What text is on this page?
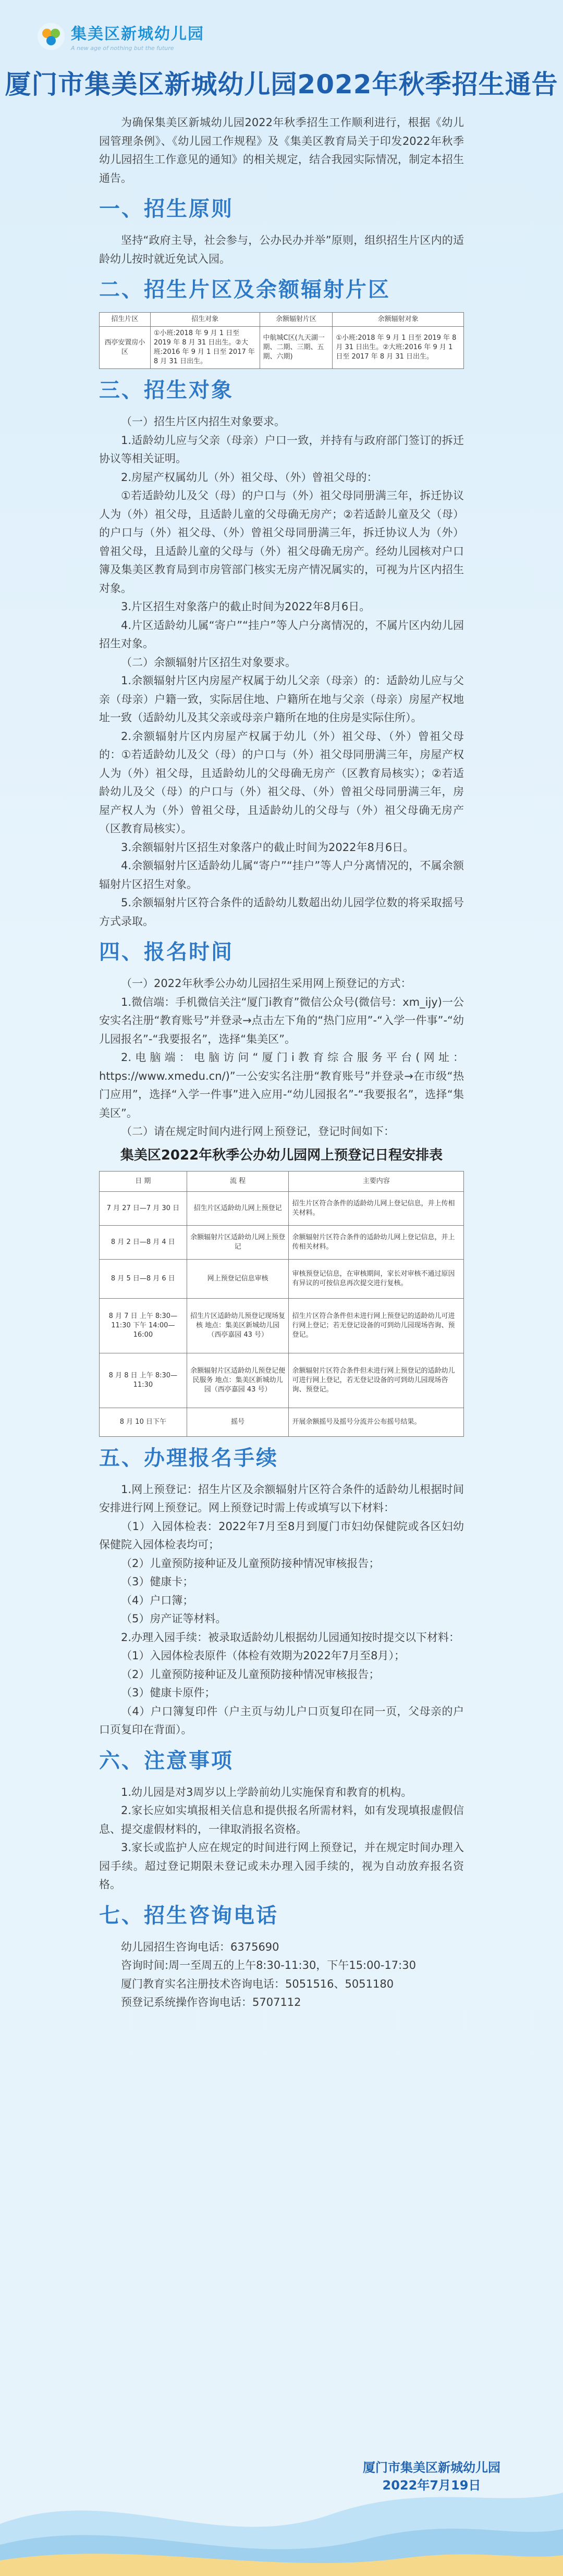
集美区新城幼儿园
A new age of nothing but the future
厦门市集美区新城幼儿园2022年秋季招生通告

为确保集美区新城幼儿园2022年秋季招生工作顺利进行，根据《幼儿园管理条例》、《幼儿园工作规程》及《集美区教育局关于印发2022年秋季幼儿园招生工作意见的通知》的相关规定，结合我园实际情况，制定本招生通告。

一、招生原则

坚持“政府主导，社会参与，公办民办并举”原则，组织招生片区内的适龄幼儿按时就近免试入园。

二、招生片区及余额辐射片区
招生片区	招生对象	余额辐射片区	余额辐射对象
西亭安置房小区	①小班:2018 年 9 月 1 日至 2019 年 8 月 31 日出生。②大班:2016 年 9 月 1 日至 2017 年 8 月 31 日出生。	中航城C区(九天湖一期、二期、三期、五期、六期)	①小班:2018 年 9 月 1 日至 2019 年 8 月 31 日出生。②大班:2016 年 9 月 1 日至 2017 年 8 月 31 日出生。
三、招生对象

（一）招生片区内招生对象要求。

1.适龄幼儿应与父亲（母亲）户口一致，并持有与政府部门签订的拆迁协议等相关证明。

2.房屋产权属幼儿（外）祖父母、（外）曾祖父母的：

①若适龄幼儿及父（母）的户口与（外）祖父母同册满三年，拆迁协议人为（外）祖父母，且适龄儿童的父母确无房产；②若适龄儿童及父（母）的户口与（外）祖父母、（外）曾祖父母同册满三年，拆迁协议人为（外）曾祖父母，且适龄儿童的父母与（外）祖父母确无房产。经幼儿园核对户口簿及集美区教育局到市房管部门核实无房产情况属实的，可视为片区内招生对象。

3.片区招生对象落户的截止时间为2022年8月6日。

4.片区适龄幼儿属“寄户”“挂户”等人户分离情况的，不属片区内幼儿园招生对象。

（二）余额辐射片区招生对象要求。

1.余额辐射片区内房屋产权属于幼儿父亲（母亲）的：适龄幼儿应与父亲（母亲）户籍一致，实际居住地、户籍所在地与父亲（母亲）房屋产权地址一致（适龄幼儿及其父亲或母亲户籍所在地的住房是实际住所）。

2.余额辐射片区内房屋产权属于幼儿（外）祖父母、（外）曾祖父母的：①若适龄幼儿及父（母）的户口与（外）祖父母同册满三年，房屋产权人为（外）祖父母，且适龄幼儿的父母确无房产（区教育局核实）；②若适龄幼儿及父（母）的户口与（外）祖父母、（外）曾祖父母同册满三年，房屋产权人为（外）曾祖父母，且适龄幼儿的父母与（外）祖父母确无房产（区教育局核实）。

3.余额辐射片区招生对象落户的截止时间为2022年8月6日。

4.余额辐射片区适龄幼儿属“寄户”“挂户”等人户分离情况的，不属余额辐射片区招生对象。

5.余额辐射片区符合条件的适龄幼儿数超出幼儿园学位数的将采取摇号方式录取。

四、报名时间

（一）2022年秋季公办幼儿园招生采用网上预登记的方式：

1.微信端：手机微信关注“厦门i教育”微信公众号(微信号：xm_ijy)一公安实名注册“教育账号”并登录→点击左下角的“热门应用”-“入学一件事”-“幼儿园报名”-“我要报名”，选择“集美区”。

2.电脑端：电脑访问“厦门i教育综合服务平台(网址：https://www.xmedu.cn/)”一公安实名注册“教育账号”并登录→在市级“热门应用”，选择“入学一件事”进入应用-“幼儿园报名”-“我要报名”，选择“集美区”。

（二）请在规定时间内进行网上预登记，登记时间如下：

集美区2022年秋季公办幼儿园网上预登记日程安排表
日 期	流 程	主要内容
7 月 27 日—7 月 30 日	招生片区适龄幼儿网上预登记	招生片区符合条件的适龄幼儿网上登记信息，并上传相关材料。
8 月 2 日—8 月 4 日	余额辐射片区适龄幼儿网上预登记	余额辐射片区符合条件的适龄幼儿网上登记信息，并上传相关材料。
8 月 5 日—8 月 6 日	网上预登记信息审核	审核预登记信息，在审核期间，家长对审核不通过原因有异议的可按信息再次提交进行复核。
8 月 7 日 上午 8:30—11:30 下午 14:00—16:00	招生片区适龄幼儿预登记现场复核 地点：集美区新城幼儿园（西亭嘉园 43 号）	招生片区符合条件但未进行网上预登记的适龄幼儿可进行网上登记；若无登记设备的可到幼儿园现场咨询、预登记。
8 月 8 日 上午 8:30—11:30	余额辐射片区适龄幼儿预登记便民服务 地点：集美区新城幼儿园（西亭嘉园 43 号）	余额辐射片区符合条件但未进行网上预登记的适龄幼儿可进行网上登记，若无登记设备的可到幼儿园现场咨询、预登记。
8 月 10 日下午	摇号	开展余额摇号及摇号分流并公布摇号结果。
五、办理报名手续

1.网上预登记：招生片区及余额辐射片区符合条件的适龄幼儿根据时间安排进行网上预登记。网上预登记时需上传或填写以下材料：

（1）入园体检表：2022年7月至8月到厦门市妇幼保健院或各区妇幼保健院入园体检表均可；

（2）儿童预防接种证及儿童预防接种情况审核报告；

（3）健康卡；

（4）户口簿；

（5）房产证等材料。

2.办理入园手续：被录取适龄幼儿根据幼儿园通知按时提交以下材料：

（1）入园体检表原件（体检有效期为2022年7月至8月）；

（2）儿童预防接种证及儿童预防接种情况审核报告；

（3）健康卡原件；

（4）户口簿复印件（户主页与幼儿户口页复印在同一页，父母亲的户口页复印在背面）。

六、注意事项

1.幼儿园是对3周岁以上学龄前幼儿实施保育和教育的机构。

2.家长应如实填报相关信息和提供报名所需材料，如有发现填报虚假信息、提交虚假材料的，一律取消报名资格。

3.家长或监护人应在规定的时间进行网上预登记，并在规定时间办理入园手续。超过登记期限未登记或未办理入园手续的，视为自动放弃报名资格。

七、招生咨询电话

幼儿园招生咨询电话：6375690

咨询时间:周一至周五的上午8:30-11:30，下午15:00-17:30

厦门教育实名注册技术咨询电话：5051516、5051180

预登记系统操作咨询电话：5707112

厦门市集美区新城幼儿园
2022年7月19日
